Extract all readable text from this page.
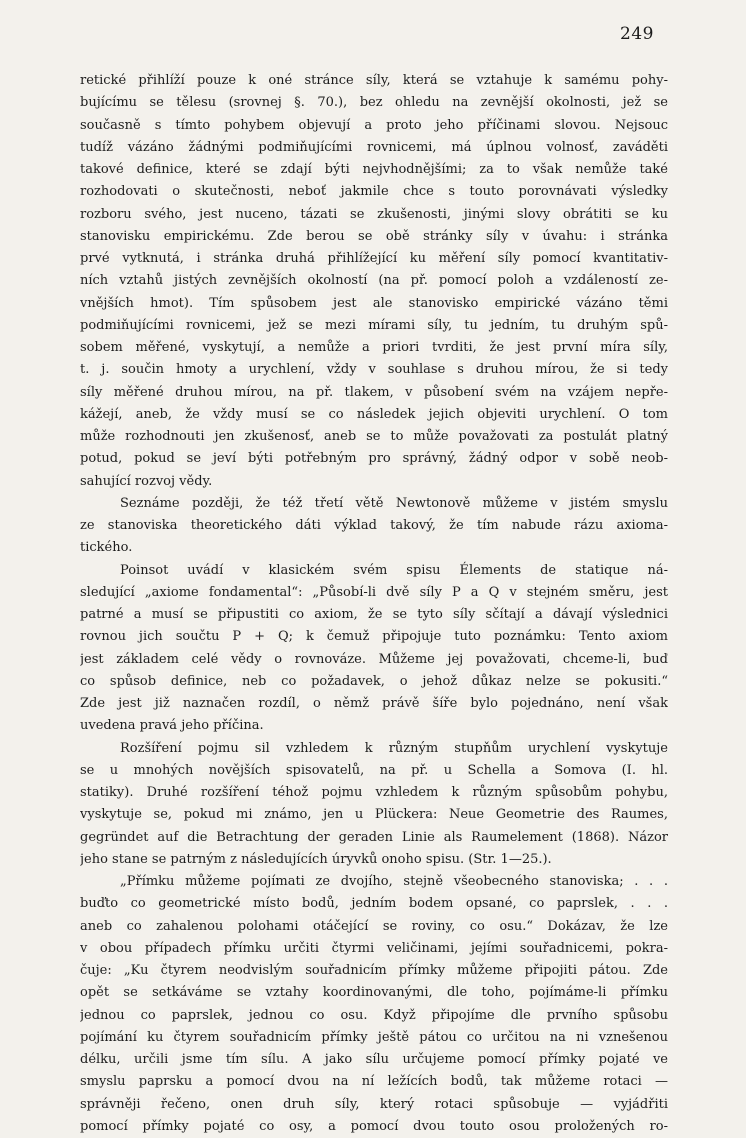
249
retické přihlíží pouze k oné stránce síly, která se vztahuje k samému pohy-
bujícímu se tělesu (srovnej §. 70.), bez ohledu na zevnější okolnosti, jež se
současně s tímto pohybem objevují a proto jeho příčinami slovou. Nejsouc
tudíž vázáno žádnými podmiňujícími rovnicemi, má úplnou volnosť, zaváděti
takové definice, které se zdají býti nejvhodnějšími; za to však nemůže také
rozhodovati o skutečnosti, neboť jakmile chce s touto porovnávati výsledky
rozboru svého, jest nuceno, tázati se zkušenosti, jinými slovy obrátiti se ku
stanovisku empirickému. Zde berou se obě stránky síly v úvahu: i stránka
prvé vytknutá, i stránka druhá přihlížející ku měření síly pomocí kvantitativ-
ních vztahů jistých zevnějších okolností (na př. pomocí poloh a vzdáleností ze-
vnějších hmot). Tím spůsobem jest ale stanovisko empirické vázáno těmi
podmiňujícími rovnicemi, jež se mezi mírami síly, tu jedním, tu druhým spů-
sobem měřené, vyskytují, a nemůže a priori tvrditi, že jest první míra síly,
t. j. součin hmoty a urychlení, vždy v souhlase s druhou mírou, že si tedy
síly měřené druhou mírou, na př. tlakem, v působení svém na vzájem nepře-
kážejí, aneb, že vždy musí se co následek jejich objeviti urychlení. O tom
může rozhodnouti jen zkušenosť, aneb se to může považovati za postulát platný
potud, pokud se jeví býti potřebným pro správný, žádný odpor v sobě neob-
sahující rozvoj vědy.
Seznáme později, že též třetí větě Newtonově můžeme v jistém smyslu
ze stanoviska theoretického dáti výklad takový, že tím nabude rázu axioma-
tického.
Poinsot uvádí v klasickém svém spisu Élements de statique ná-
sledující „axiome fondamental“: „Působí-li dvě síly P a Q v stejném směru, jest
patrné a musí se připustiti co axiom, že se tyto síly sčítají a dávají výslednici
rovnou jich součtu P + Q; k čemuž připojuje tuto poznámku: Tento axiom
jest základem celé vědy o rovnováze. Můžeme jej považovati, chceme-li, buď
co spůsob definice, neb co požadavek, o jehož důkaz nelze se pokusiti.“
Zde jest již naznačen rozdíl, o němž právě šíře bylo pojednáno, není však
uvedena pravá jeho příčina.
Rozšíření pojmu sil vzhledem k různým stupňům urychlení vyskytuje
se u mnohých novějších spisovatelů, na př. u Schella a Somova (I. hl.
statiky). Druhé rozšíření téhož pojmu vzhledem k různým spůsobům pohybu,
vyskytuje se, pokud mi známo, jen u Plückera: Neue Geometrie des Raumes,
gegründet auf die Betrachtung der geraden Linie als Raumelement (1868). Názor
jeho stane se patrným z následujících úryvků onoho spisu. (Str. 1—25.).
„Přímku můžeme pojímati ze dvojího, stejně všeobecného stanoviska; . . .
buďto co geometrické místo bodů, jedním bodem opsané, co paprslek, . . .
aneb co zahalenou polohami otáčející se roviny, co osu.“ Dokázav, že lze
v obou případech přímku určiti čtyrmi veličinami, jejími souřadnicemi, pokra-
čuje: „Ku čtyrem neodvislým souřadnicím přímky můžeme připojiti pátou. Zde
opět se setkáváme se vztahy koordinovanými, dle toho, pojímáme-li přímku
jednou co paprslek, jednou co osu. Když připojíme dle prvního spůsobu
pojímání ku čtyrem souřadnicím přímky ještě pátou co určitou na ni vznešenou
délku, určili jsme tím sílu. A jako sílu určujeme pomocí přímky pojaté ve
smyslu paprsku a pomocí dvou na ní ležících bodů, tak můžeme rotaci —
správněji řečeno, onen druh síly, který rotaci spůsobuje — vyjádřiti
pomocí přímky pojaté co osy, a pomocí dvou touto osou proložených ro-
